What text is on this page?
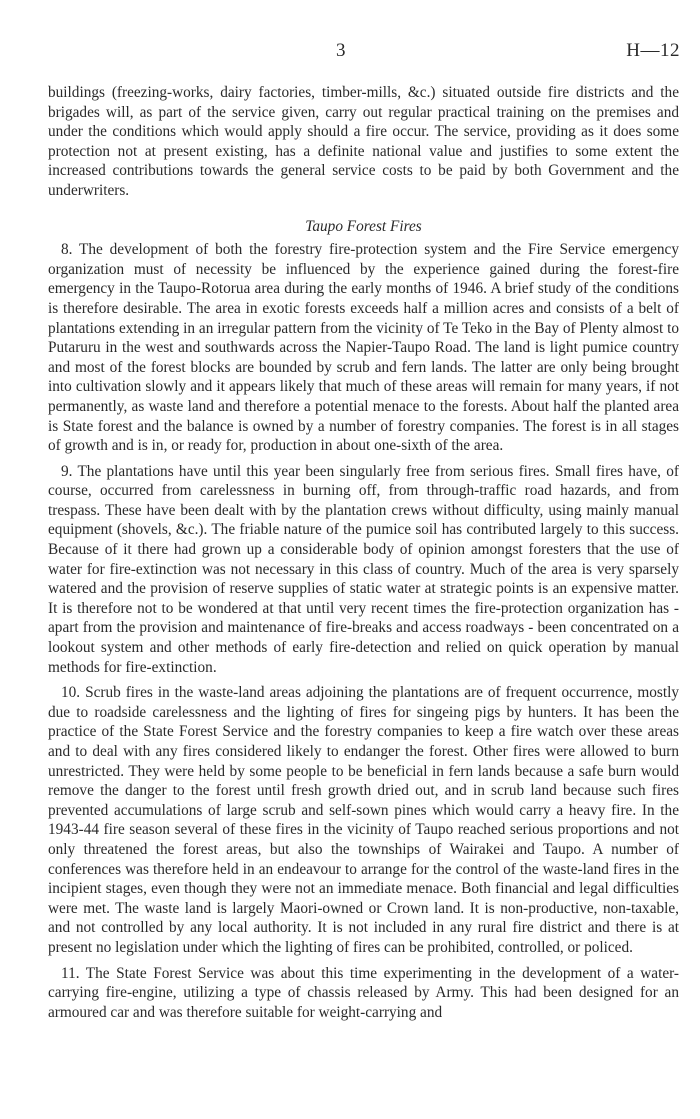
3	H—12

buildings (freezing-works, dairy factories, timber-mills, &c.) situated outside fire districts and the brigades will, as part of the service given, carry out regular practical training on the premises and under the conditions which would apply should a fire occur. The service, providing as it does some protection not at present existing, has a definite national value and justifies to some extent the increased contributions towards the general service costs to be paid by both Government and the underwriters.

Taupo Forest Fires

8. The development of both the forestry fire-protection system and the Fire Service emergency organization must of necessity be influenced by the experience gained during the forest-fire emergency in the Taupo-Rotorua area during the early months of 1946. A brief study of the conditions is therefore desirable. The area in exotic forests exceeds half a million acres and consists of a belt of plantations extending in an irregular pattern from the vicinity of Te Teko in the Bay of Plenty almost to Putaruru in the west and southwards across the Napier-Taupo Road. The land is light pumice country and most of the forest blocks are bounded by scrub and fern lands. The latter are only being brought into cultivation slowly and it appears likely that much of these areas will remain for many years, if not permanently, as waste land and therefore a potential menace to the forests. About half the planted area is State forest and the balance is owned by a number of forestry companies. The forest is in all stages of growth and is in, or ready for, production in about one-sixth of the area.

9. The plantations have until this year been singularly free from serious fires. Small fires have, of course, occurred from carelessness in burning off, from through-traffic road hazards, and from trespass. These have been dealt with by the plantation crews without difficulty, using mainly manual equipment (shovels, &c.). The friable nature of the pumice soil has contributed largely to this success. Because of it there had grown up a considerable body of opinion amongst foresters that the use of water for fire-extinction was not necessary in this class of country. Much of the area is very sparsely watered and the provision of reserve supplies of static water at strategic points is an expensive matter. It is therefore not to be wondered at that until very recent times the fire-protection organization has - apart from the provision and maintenance of fire-breaks and access roadways - been concentrated on a lookout system and other methods of early fire-detection and relied on quick operation by manual methods for fire-extinction.

10. Scrub fires in the waste-land areas adjoining the plantations are of frequent occurrence, mostly due to roadside carelessness and the lighting of fires for singeing pigs by hunters. It has been the practice of the State Forest Service and the forestry companies to keep a fire watch over these areas and to deal with any fires considered likely to endanger the forest. Other fires were allowed to burn unrestricted. They were held by some people to be beneficial in fern lands because a safe burn would remove the danger to the forest until fresh growth dried out, and in scrub land because such fires prevented accumulations of large scrub and self-sown pines which would carry a heavy fire. In the 1943-44 fire season several of these fires in the vicinity of Taupo reached serious proportions and not only threatened the forest areas, but also the townships of Wairakei and Taupo. A number of conferences was therefore held in an endeavour to arrange for the control of the waste-land fires in the incipient stages, even though they were not an immediate menace. Both financial and legal difficulties were met. The waste land is largely Maori-owned or Crown land. It is non-productive, non-taxable, and not controlled by any local authority. It is not included in any rural fire district and there is at present no legislation under which the lighting of fires can be prohibited, controlled, or policed.

11. The State Forest Service was about this time experimenting in the development of a water-carrying fire-engine, utilizing a type of chassis released by Army. This had been designed for an armoured car and was therefore suitable for weight-carrying and
